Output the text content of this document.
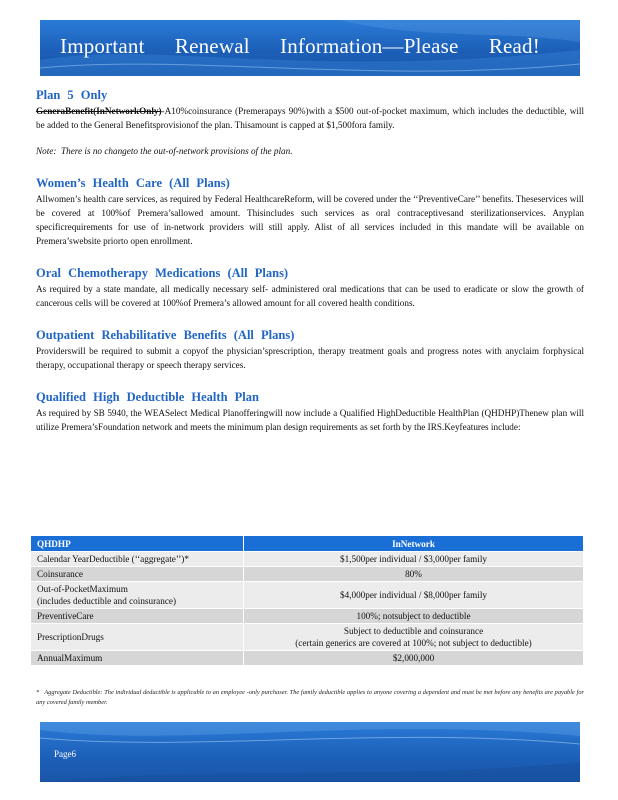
Important Renewal Information—Please Read!
Plan 5 Only

GeneraBenefit(InNetworkOnly)-A10%coinsurance (Premerapays 90%)with a $500 out-of-pocket maximum, which includes the deductible, will be added to the General Benefitsprovisionof the plan. Thisamount is capped at $1,500fora family.

Note: There is no changeto the out-of-network provisions of the plan.

Women’s Health Care (All Plans)

Allwomen’s health care services, as required by Federal HealthcareReform, will be covered under the ‘‘PreventiveCare’’ benefits. Theseservices will be covered at 100%of Premera’sallowed amount. Thisincludes such services as oral contraceptivesand sterilizationservices. Anyplan specificrequirements for use of in-network providers will still apply. Alist of all services included in this mandate will be available on Premera’swebsite priorto open enrollment.

Oral Chemotherapy Medications (All Plans)

As required by a state mandate, all medically necessary self- administered oral medications that can be used to eradicate or slow the growth of cancerous cells will be covered at 100%of Premera’s allowed amount for all covered health conditions.

Outpatient Rehabilitative Benefits (All Plans)

Providerswill be required to submit a copyof the physician’sprescription, therapy treatment goals and progress notes with anyclaim forphysical therapy, occupational therapy or speech therapy services.

Qualified High Deductible Health Plan

As required by SB 5940, the WEASelect Medical Planofferingwill now include a Qualified HighDeductible HealthPlan (QHDHP)Thenew plan will utilize Premera’sFoundation network and meets the minimum plan design requirements as set forth by the IRS.Keyfeatures include:

QHDHP	InNetwork
Calendar YearDeductible (‘‘aggregate’’)*	$1,500per individual / $3,000per family
Coinsurance	80%
Out-of-PocketMaximum
(includes deductible and coinsurance)	$4,000per individual / $8,000per family
PreventiveCare	100%; notsubject to deductible
PrescriptionDrugs	Subject to deductible and coinsurance
(certain generics are covered at 100%; not subject to deductible)
AnnualMaximum	$2,000,000
* Aggregate Deductible: The individual deductible is applicable to an employee -only purchaser. The family deductible applies to anyone covering a dependent and must be met before any benefits are payable for any covered family member.
Page6
